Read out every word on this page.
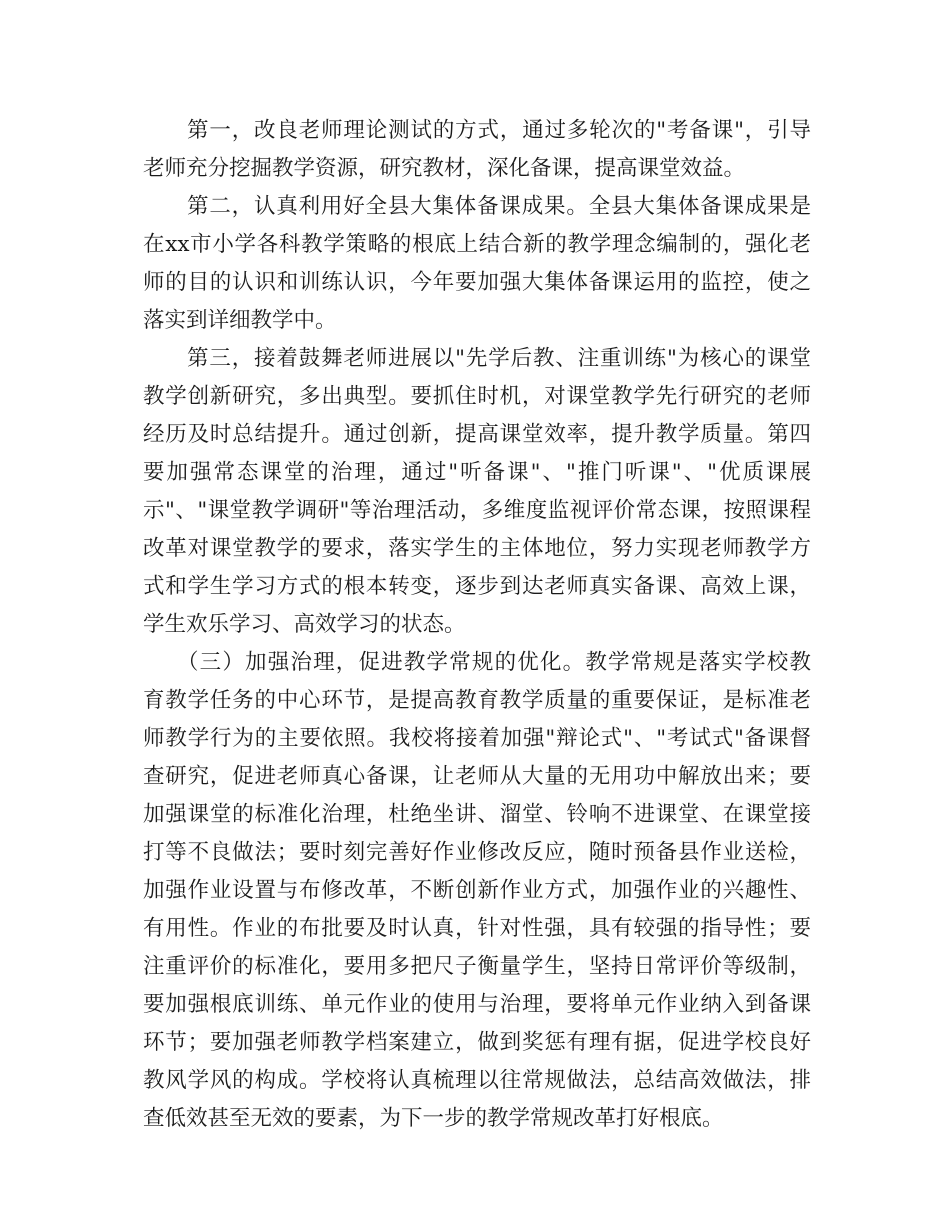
第一，改良老师理论测试的方式，通过多轮次的"考备课"，引导
老师充分挖掘教学资源，研究教材，深化备课，提高课堂效益。
第二，认真利用好全县大集体备课成果。全县大集体备课成果是
在xx市小学各科教学策略的根底上结合新的教学理念编制的，强化老
师的目的认识和训练认识，今年要加强大集体备课运用的监控，使之
落实到详细教学中。
第三，接着鼓舞老师进展以"先学后教、注重训练"为核心的课堂
教学创新研究，多出典型。要抓住时机，对课堂教学先行研究的老师
经历及时总结提升。通过创新，提高课堂效率，提升教学质量。第四
要加强常态课堂的治理，通过"听备课"、"推门听课"、"优质课展
示"、"课堂教学调研"等治理活动，多维度监视评价常态课，按照课程
改革对课堂教学的要求，落实学生的主体地位，努力实现老师教学方
式和学生学习方式的根本转变，逐步到达老师真实备课、高效上课，
学生欢乐学习、高效学习的状态。
（三）加强治理，促进教学常规的优化。教学常规是落实学校教
育教学任务的中心环节，是提高教育教学质量的重要保证，是标准老
师教学行为的主要依照。我校将接着加强"辩论式"、"考试式"备课督
查研究，促进老师真心备课，让老师从大量的无用功中解放出来；要
加强课堂的标准化治理，杜绝坐讲、溜堂、铃响不进课堂、在课堂接
打等不良做法；要时刻完善好作业修改反应，随时预备县作业送检，
加强作业设置与布修改革，不断创新作业方式，加强作业的兴趣性、
有用性。作业的布批要及时认真，针对性强，具有较强的指导性；要
注重评价的标准化，要用多把尺子衡量学生，坚持日常评价等级制，
要加强根底训练、单元作业的使用与治理，要将单元作业纳入到备课
环节；要加强老师教学档案建立，做到奖惩有理有据，促进学校良好
教风学风的构成。学校将认真梳理以往常规做法，总结高效做法，排
查低效甚至无效的要素，为下一步的教学常规改革打好根底。
